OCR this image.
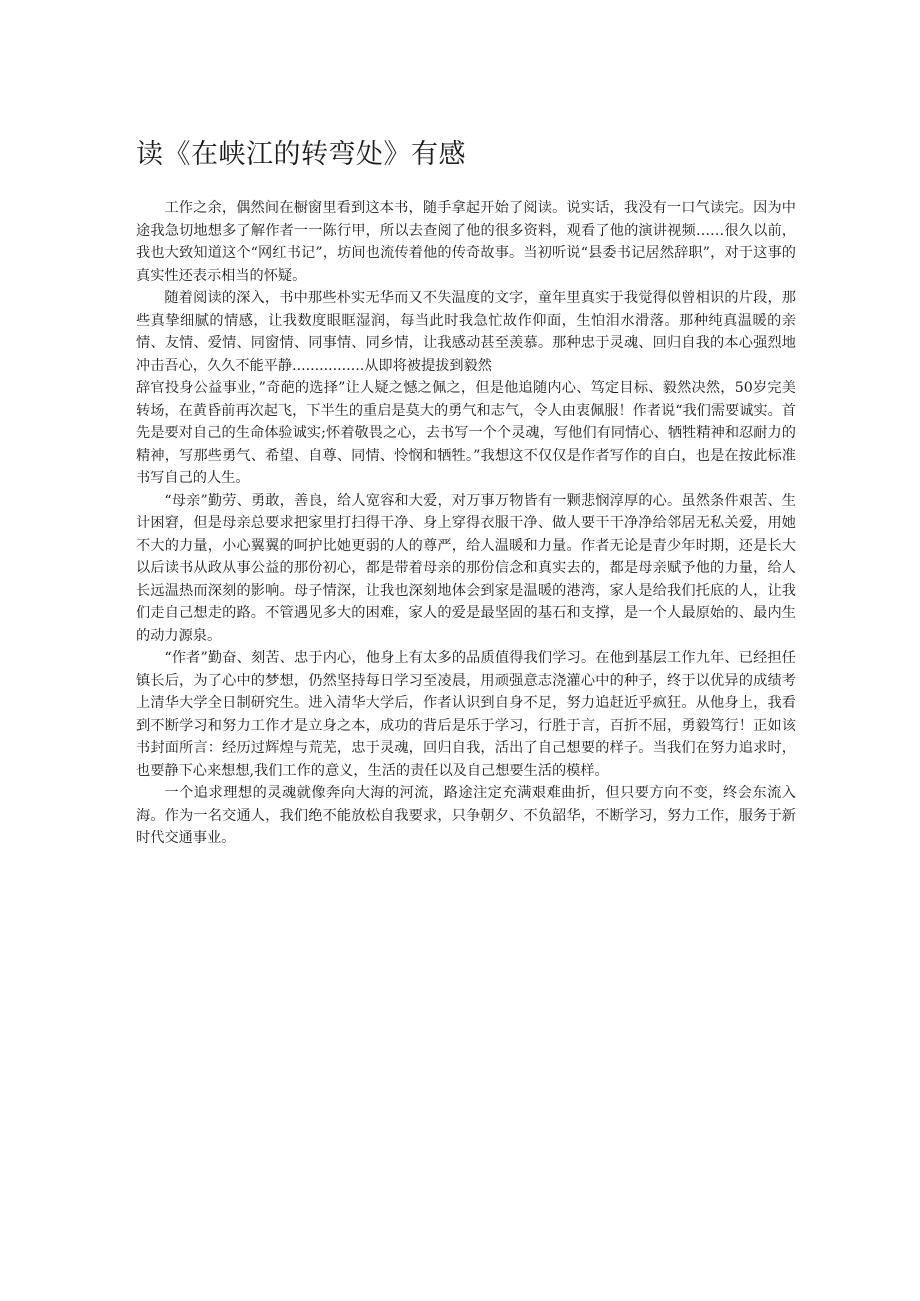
读《在峡江的转弯处》有感

工作之余，偶然间在橱窗里看到这本书，随手拿起开始了阅读。说实话，我没有一口气读完。因为中途我急切地想多了解作者一一陈行甲，所以去查阅了他的很多资料，观看了他的演讲视频……很久以前，我也大致知道这个“网红书记”，坊间也流传着他的传奇故事。当初听说“县委书记居然辞职”，对于这事的真实性还表示相当的怀疑。

随着阅读的深入，书中那些朴实无华而又不失温度的文字，童年里真实于我觉得似曾相识的片段，那些真挚细腻的情感，让我数度眼眶湿润，每当此时我急忙故作仰面，生怕泪水滑落。那种纯真温暖的亲情、友情、爱情、同窗情、同事情、同乡情，让我感动甚至羡慕。那种忠于灵魂、回归自我的本心强烈地冲击吾心，久久不能平静................从即将被提拔到毅然

辞官投身公益事业，”奇葩的选择”让人疑之憾之佩之，但是他追随内心、笃定目标、毅然决然，50岁完美转场，在黄昏前再次起飞，下半生的重启是莫大的勇气和志气，令人由衷佩服！作者说“我们需要诚实。首先是要对自己的生命体验诚实;怀着敬畏之心，去书写一个个灵魂，写他们有同情心、牺牲精神和忍耐力的精神，写那些勇气、希望、自尊、同情、怜悯和牺牲。”我想这不仅仅是作者写作的自白，也是在按此标准书写自己的人生。

“母亲”勤劳、勇敢，善良，给人宽容和大爱，对万事万物皆有一颗悲悯淳厚的心。虽然条件艰苦、生计困窘，但是母亲总要求把家里打扫得干净、身上穿得衣服干净、做人要干干净净给邻居无私关爱，用她不大的力量，小心翼翼的呵护比她更弱的人的尊严，给人温暖和力量。作者无论是青少年时期，还是长大以后读书从政从事公益的那份初心，都是带着母亲的那份信念和真实去的，都是母亲赋予他的力量，给人长远温热而深刻的影响。母子情深，让我也深刻地体会到家是温暖的港湾，家人是给我们托底的人，让我们走自己想走的路。不管遇见多大的困难，家人的爱是最坚固的基石和支撑，是一个人最原始的、最内生的动力源泉。

“作者”勤奋、刻苦、忠于内心，他身上有太多的品质值得我们学习。在他到基层工作九年、已经担任镇长后，为了心中的梦想，仍然坚持每日学习至凌晨，用顽强意志浇灌心中的种子，终于以优异的成绩考上清华大学全日制研究生。进入清华大学后，作者认识到自身不足，努力追赶近乎疯狂。从他身上，我看到不断学习和努力工作才是立身之本，成功的背后是乐于学习，行胜于言，百折不屈，勇毅笃行！正如该书封面所言：经历过辉煌与荒芜，忠于灵魂，回归自我，活出了自己想要的样子。当我们在努力追求时，也要静下心来想想,我们工作的意义，生活的责任以及自己想要生活的模样。

一个追求理想的灵魂就像奔向大海的河流，路途注定充满艰难曲折，但只要方向不变，终会东流入海。作为一名交通人，我们绝不能放松自我要求，只争朝夕、不负韶华，不断学习，努力工作，服务于新时代交通事业。
